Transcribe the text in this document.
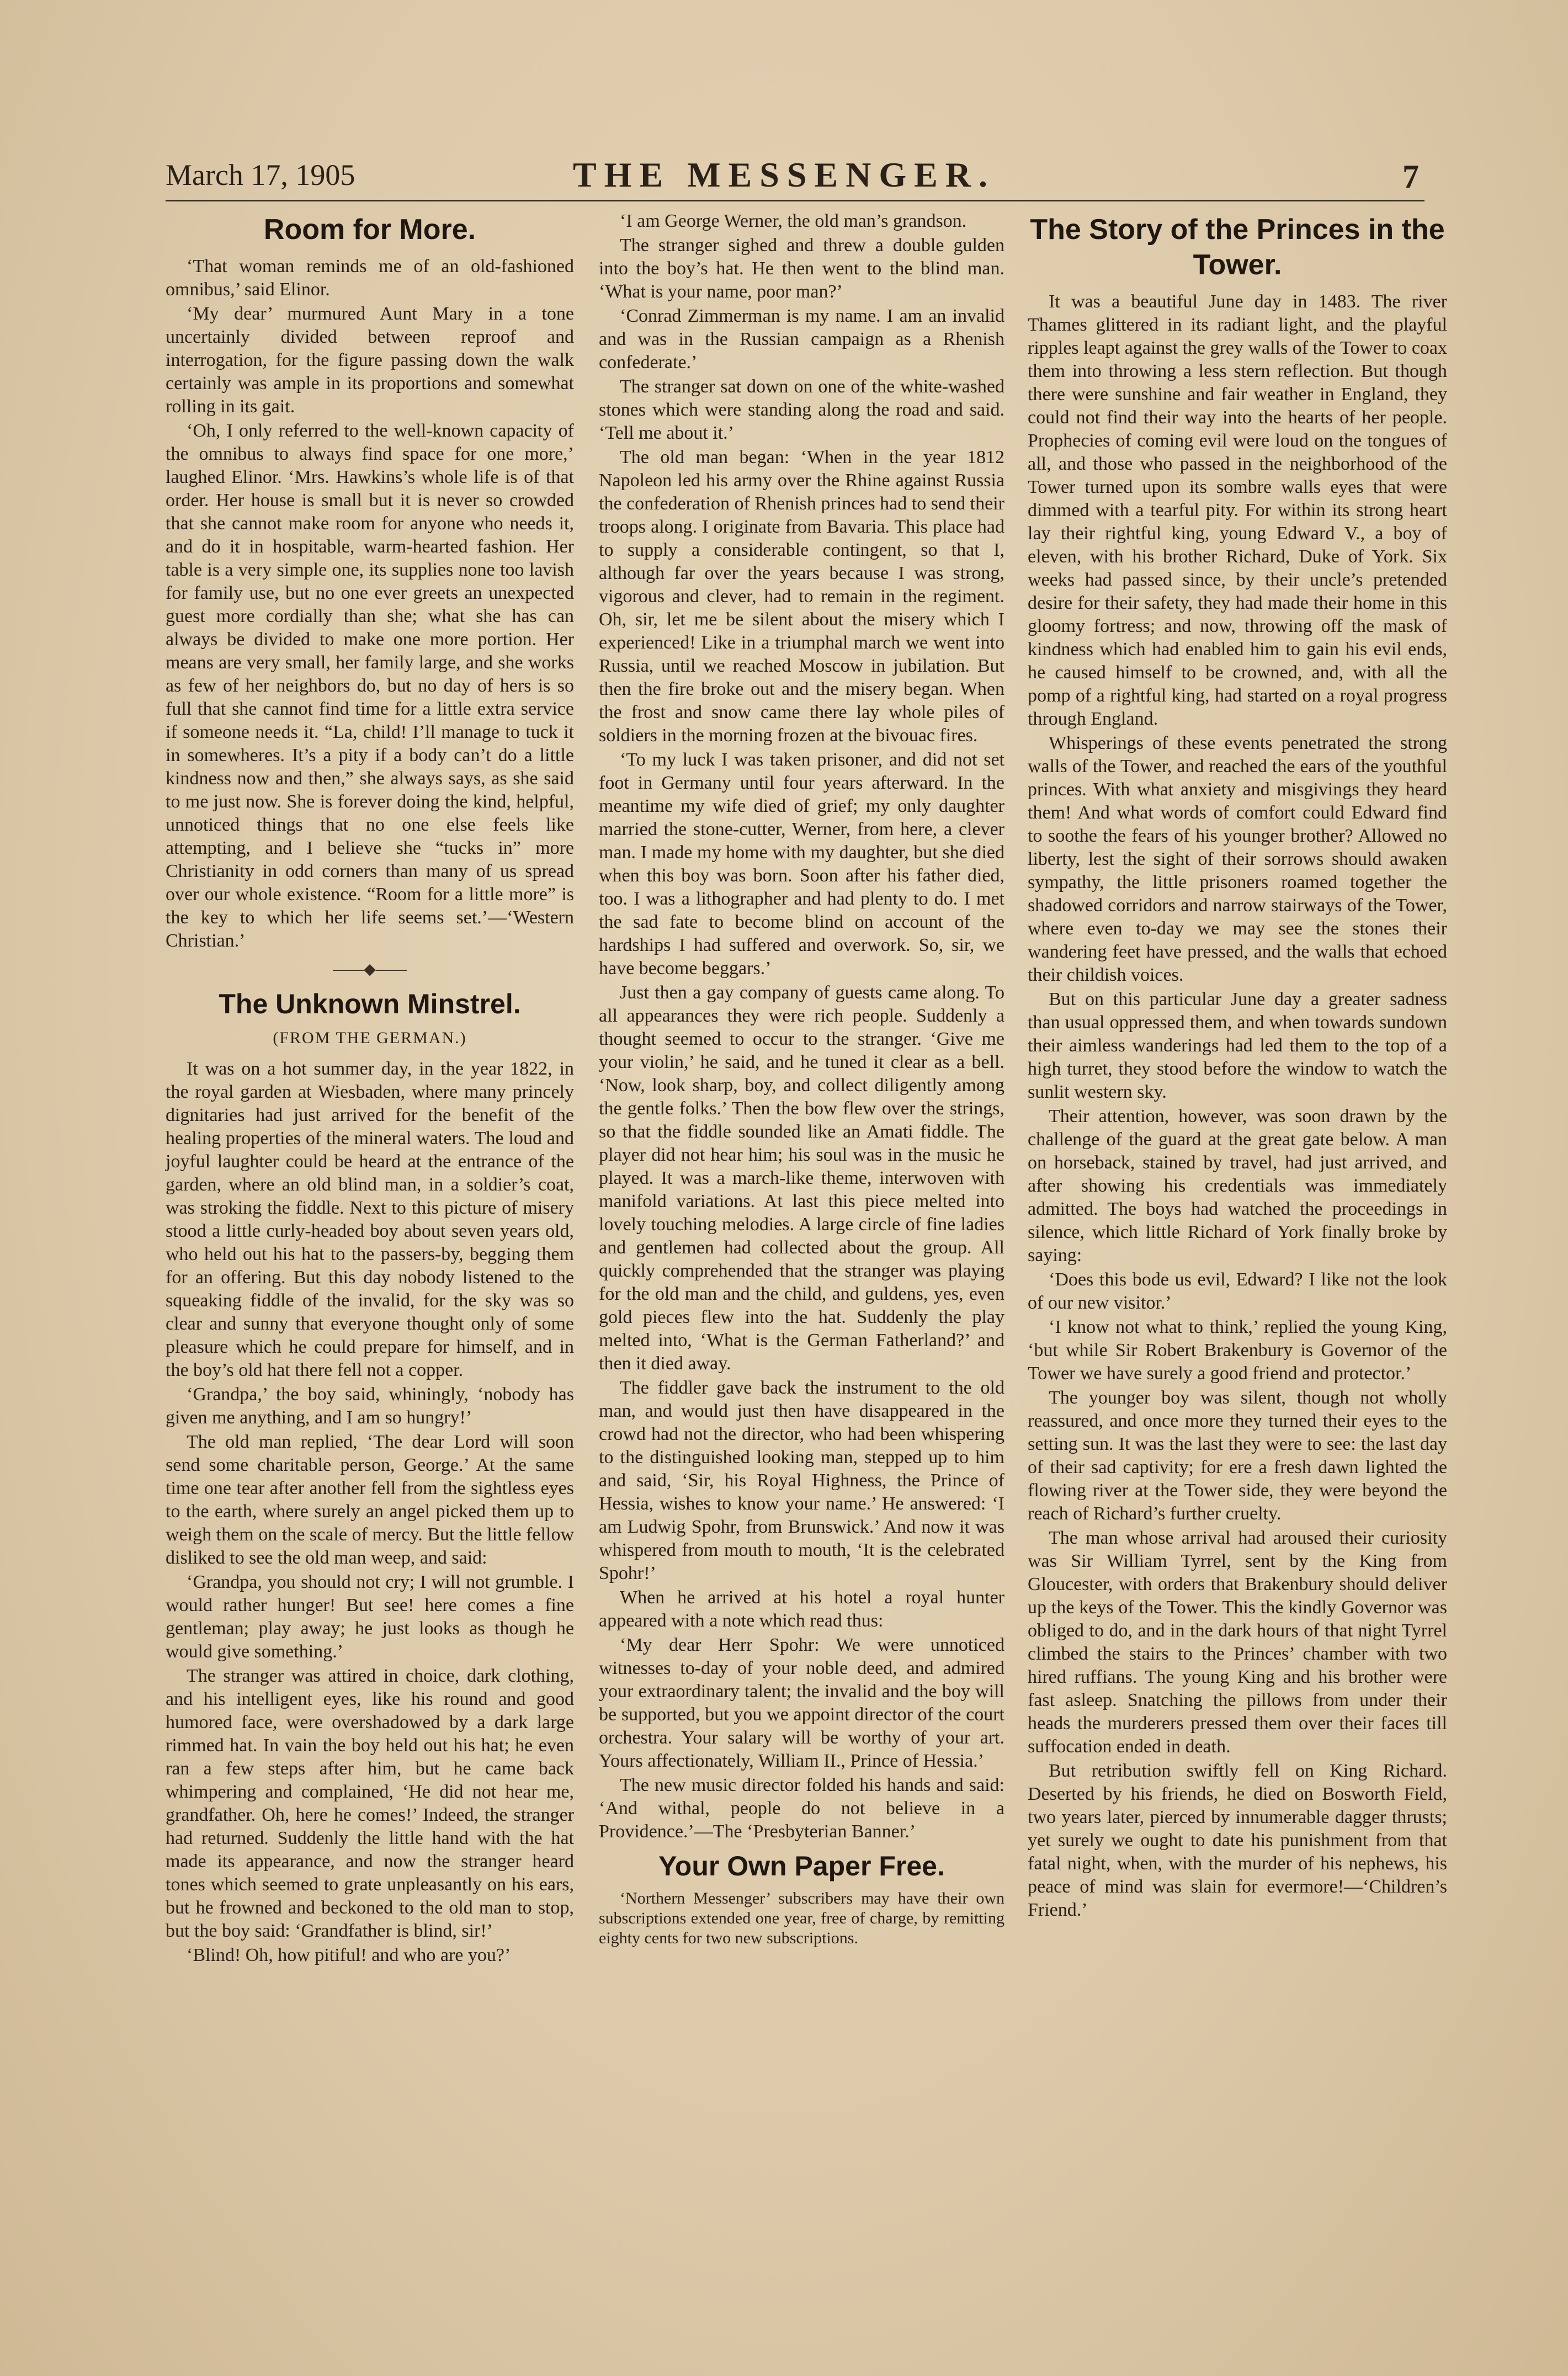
March 17, 1905	THE MESSENGER.	7
Room for More.

‘That woman reminds me of an old-fashioned omnibus,’ said Elinor.

‘My dear’ murmured Aunt Mary in a tone uncertainly divided between reproof and interrogation, for the figure passing down the walk certainly was ample in its proportions and somewhat rolling in its gait.

‘Oh, I only referred to the well-known capacity of the omnibus to always find space for one more,’ laughed Elinor. ‘Mrs. Hawkins’s whole life is of that order. Her house is small but it is never so crowded that she cannot make room for anyone who needs it, and do it in hospitable, warm-hearted fashion. Her table is a very simple one, its supplies none too lavish for family use, but no one ever greets an unexpected guest more cordially than she; what she has can always be divided to make one more portion. Her means are very small, her family large, and she works as few of her neighbors do, but no day of hers is so full that she cannot find time for a little extra service if someone needs it. “La, child! I’ll manage to tuck it in somewheres. It’s a pity if a body can’t do a little kindness now and then,” she always says, as she said to me just now. She is forever doing the kind, helpful, unnoticed things that no one else feels like attempting, and I believe she “tucks in” more Christianity in odd corners than many of us spread over our whole existence. “Room for a little more” is the key to which her life seems set.’—‘Western Christian.’

——◆——
The Unknown Minstrel.
(FROM THE GERMAN.)

It was on a hot summer day, in the year 1822, in the royal garden at Wiesbaden, where many princely dignitaries had just arrived for the benefit of the healing properties of the mineral waters. The loud and joyful laughter could be heard at the entrance of the garden, where an old blind man, in a soldier’s coat, was stroking the fiddle. Next to this picture of misery stood a little curly-headed boy about seven years old, who held out his hat to the passers-by, begging them for an offering. But this day nobody listened to the squeaking fiddle of the invalid, for the sky was so clear and sunny that everyone thought only of some pleasure which he could prepare for himself, and in the boy’s old hat there fell not a copper.

‘Grandpa,’ the boy said, whiningly, ‘nobody has given me anything, and I am so hungry!’

The old man replied, ‘The dear Lord will soon send some charitable person, George.’ At the same time one tear after another fell from the sightless eyes to the earth, where surely an angel picked them up to weigh them on the scale of mercy. But the little fellow disliked to see the old man weep, and said:

‘Grandpa, you should not cry; I will not grumble. I would rather hunger! But see! here comes a fine gentleman; play away; he just looks as though he would give something.’

The stranger was attired in choice, dark clothing, and his intelligent eyes, like his round and good humored face, were overshadowed by a dark large rimmed hat. In vain the boy held out his hat; he even ran a few steps after him, but he came back whimpering and complained, ‘He did not hear me, grandfather. Oh, here he comes!’ Indeed, the stranger had returned. Suddenly the little hand with the hat made its appearance, and now the stranger heard tones which seemed to grate unpleasantly on his ears, but he frowned and beckoned to the old man to stop, but the boy said: ‘Grandfather is blind, sir!’

‘Blind! Oh, how pitiful! and who are you?’

‘I am George Werner, the old man’s grandson.

The stranger sighed and threw a double gulden into the boy’s hat. He then went to the blind man. ‘What is your name, poor man?’

‘Conrad Zimmerman is my name. I am an invalid and was in the Russian campaign as a Rhenish confederate.’

The stranger sat down on one of the white-washed stones which were standing along the road and said. ‘Tell me about it.’

The old man began: ‘When in the year 1812 Napoleon led his army over the Rhine against Russia the confederation of Rhenish princes had to send their troops along. I originate from Bavaria. This place had to supply a considerable contingent, so that I, although far over the years because I was strong, vigorous and clever, had to remain in the regiment. Oh, sir, let me be silent about the misery which I experienced! Like in a triumphal march we went into Russia, until we reached Moscow in jubilation. But then the fire broke out and the misery began. When the frost and snow came there lay whole piles of soldiers in the morning frozen at the bivouac fires.

‘To my luck I was taken prisoner, and did not set foot in Germany until four years afterward. In the meantime my wife died of grief; my only daughter married the stone-cutter, Werner, from here, a clever man. I made my home with my daughter, but she died when this boy was born. Soon after his father died, too. I was a lithographer and had plenty to do. I met the sad fate to become blind on account of the hardships I had suffered and overwork. So, sir, we have become beggars.’

Just then a gay company of guests came along. To all appearances they were rich people. Suddenly a thought seemed to occur to the stranger. ‘Give me your violin,’ he said, and he tuned it clear as a bell. ‘Now, look sharp, boy, and collect diligently among the gentle folks.’ Then the bow flew over the strings, so that the fiddle sounded like an Amati fiddle. The player did not hear him; his soul was in the music he played. It was a march-like theme, interwoven with manifold variations. At last this piece melted into lovely touching melodies. A large circle of fine ladies and gentlemen had collected about the group. All quickly comprehended that the stranger was playing for the old man and the child, and guldens, yes, even gold pieces flew into the hat. Suddenly the play melted into, ‘What is the German Fatherland?’ and then it died away.

The fiddler gave back the instrument to the old man, and would just then have disappeared in the crowd had not the director, who had been whispering to the distinguished looking man, stepped up to him and said, ‘Sir, his Royal Highness, the Prince of Hessia, wishes to know your name.’ He answered: ‘I am Ludwig Spohr, from Brunswick.’ And now it was whispered from mouth to mouth, ‘It is the celebrated Spohr!’

When he arrived at his hotel a royal hunter appeared with a note which read thus:

‘My dear Herr Spohr: We were unnoticed witnesses to-day of your noble deed, and admired your extraordinary talent; the invalid and the boy will be supported, but you we appoint director of the court orchestra. Your salary will be worthy of your art. Yours affectionately, William II., Prince of Hessia.’

The new music director folded his hands and said: ‘And withal, people do not believe in a Providence.’—The ‘Presbyterian Banner.’

Your Own Paper Free.

‘Northern Messenger’ subscribers may have their own subscriptions extended one year, free of charge, by remitting eighty cents for two new subscriptions.

The Story of the Princes in the Tower.

It was a beautiful June day in 1483. The river Thames glittered in its radiant light, and the playful ripples leapt against the grey walls of the Tower to coax them into throwing a less stern reflection. But though there were sunshine and fair weather in England, they could not find their way into the hearts of her people. Prophecies of coming evil were loud on the tongues of all, and those who passed in the neighborhood of the Tower turned upon its sombre walls eyes that were dimmed with a tearful pity. For within its strong heart lay their rightful king, young Edward V., a boy of eleven, with his brother Richard, Duke of York. Six weeks had passed since, by their uncle’s pretended desire for their safety, they had made their home in this gloomy fortress; and now, throwing off the mask of kindness which had enabled him to gain his evil ends, he caused himself to be crowned, and, with all the pomp of a rightful king, had started on a royal progress through England.

Whisperings of these events penetrated the strong walls of the Tower, and reached the ears of the youthful princes. With what anxiety and misgivings they heard them! And what words of comfort could Edward find to soothe the fears of his younger brother? Allowed no liberty, lest the sight of their sorrows should awaken sympathy, the little prisoners roamed together the shadowed corridors and narrow stairways of the Tower, where even to-day we may see the stones their wandering feet have pressed, and the walls that echoed their childish voices.

But on this particular June day a greater sadness than usual oppressed them, and when towards sundown their aimless wanderings had led them to the top of a high turret, they stood before the window to watch the sunlit western sky.

Their attention, however, was soon drawn by the challenge of the guard at the great gate below. A man on horseback, stained by travel, had just arrived, and after showing his credentials was immediately admitted. The boys had watched the proceedings in silence, which little Richard of York finally broke by saying:

‘Does this bode us evil, Edward? I like not the look of our new visitor.’

‘I know not what to think,’ replied the young King, ‘but while Sir Robert Brakenbury is Governor of the Tower we have surely a good friend and protector.’

The younger boy was silent, though not wholly reassured, and once more they turned their eyes to the setting sun. It was the last they were to see: the last day of their sad captivity; for ere a fresh dawn lighted the flowing river at the Tower side, they were beyond the reach of Richard’s further cruelty.

The man whose arrival had aroused their curiosity was Sir William Tyrrel, sent by the King from Gloucester, with orders that Brakenbury should deliver up the keys of the Tower. This the kindly Governor was obliged to do, and in the dark hours of that night Tyrrel climbed the stairs to the Princes’ chamber with two hired ruffians. The young King and his brother were fast asleep. Snatching the pillows from under their heads the murderers pressed them over their faces till suffocation ended in death.

But retribution swiftly fell on King Richard. Deserted by his friends, he died on Bosworth Field, two years later, pierced by innumerable dagger thrusts; yet surely we ought to date his punishment from that fatal night, when, with the murder of his nephews, his peace of mind was slain for evermore!—‘Children’s Friend.’
